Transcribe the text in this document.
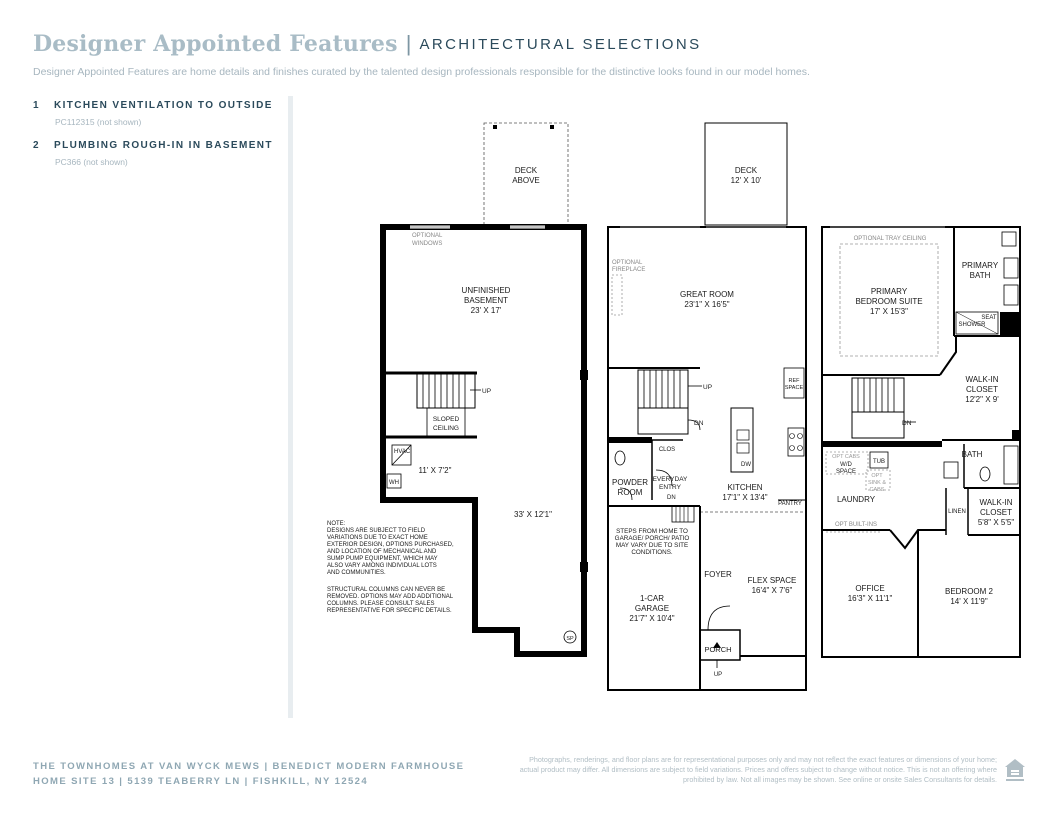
Designer Appointed Features | ARCHITECTURAL SELECTIONS
Designer Appointed Features are home details and finishes curated by the talented design professionals responsible for the distinctive looks found in our model homes.
1 KITCHEN VENTILATION TO OUTSIDE
PC112315 (not shown)
2 PLUMBING ROUGH-IN IN BASEMENT
PC366 (not shown)
DECK
ABOVE
OPTIONAL
WINDOWS
UNFINISHED
BASEMENT
23' X 17'
UP
SLOPED
CEILING
HVAC
WH
11' X 7'2"
33' X 12'1"
SP
NOTE:
DESIGNS ARE SUBJECT TO FIELD
VARIATIONS DUE TO EXACT HOME
EXTERIOR DESIGN, OPTIONS PURCHASED,
AND LOCATION OF MECHANICAL AND
SUMP PUMP EQUIPMENT, WHICH MAY
ALSO VARY AMONG INDIVIDUAL LOTS
AND COMMUNITIES.
STRUCTURAL COLUMNS CAN NEVER BE
REMOVED. OPTIONS MAY ADD ADDITIONAL
COLUMNS. PLEASE CONSULT SALES
REPRESENTATIVE FOR SPECIFIC DETAILS.
DECK
12' X 10'
OPTIONAL
FIREPLACE
GREAT ROOM
23'1" X 16'5"
UP
DN
REF
SPACE
CLOS
POWDER
ROOM
EVERYDAY
ENTRY
DN
DW
KITCHEN
17'1" X 13'4"
PANTRY
STEPS FROM HOME TO
GARAGE/ PORCH/ PATIO
MAY VARY DUE TO SITE
CONDITIONS.
1-CAR
GARAGE
21'7" X 10'4"
FOYER
FLEX SPACE
16'4" X 7'6"
PORCH
UP
OPTIONAL TRAY CEILING
PRIMARY
BEDROOM SUITE
17' X 15'3"
PRIMARY
BATH
SHOWER
SEAT
WALK-IN
CLOSET
12'2" X 9'
DN
OPT CABS
W/D
SPACE
TUB
OPT
SINK &
CABS
BATH
LAUNDRY
LINEN
WALK-IN
CLOSET
5'8" X 5'5"
OPT BUILT-INS
OFFICE
16'3" X 11'1"
BEDROOM 2
14' X 11'9"
THE TOWNHOMES AT VAN WYCK MEWS | BENEDICT MODERN FARMHOUSE
HOME SITE 13 | 5139 TEABERRY LN | FISHKILL, NY 12524
Photographs, renderings, and floor plans are for representational purposes only and may not reflect the exact features or dimensions of your home; actual product may differ. All dimensions are subject to field variations. Prices and offers subject to change without notice. This is not an offering where prohibited by law. Not all images may be shown. See online or onsite Sales Consultants for details.
